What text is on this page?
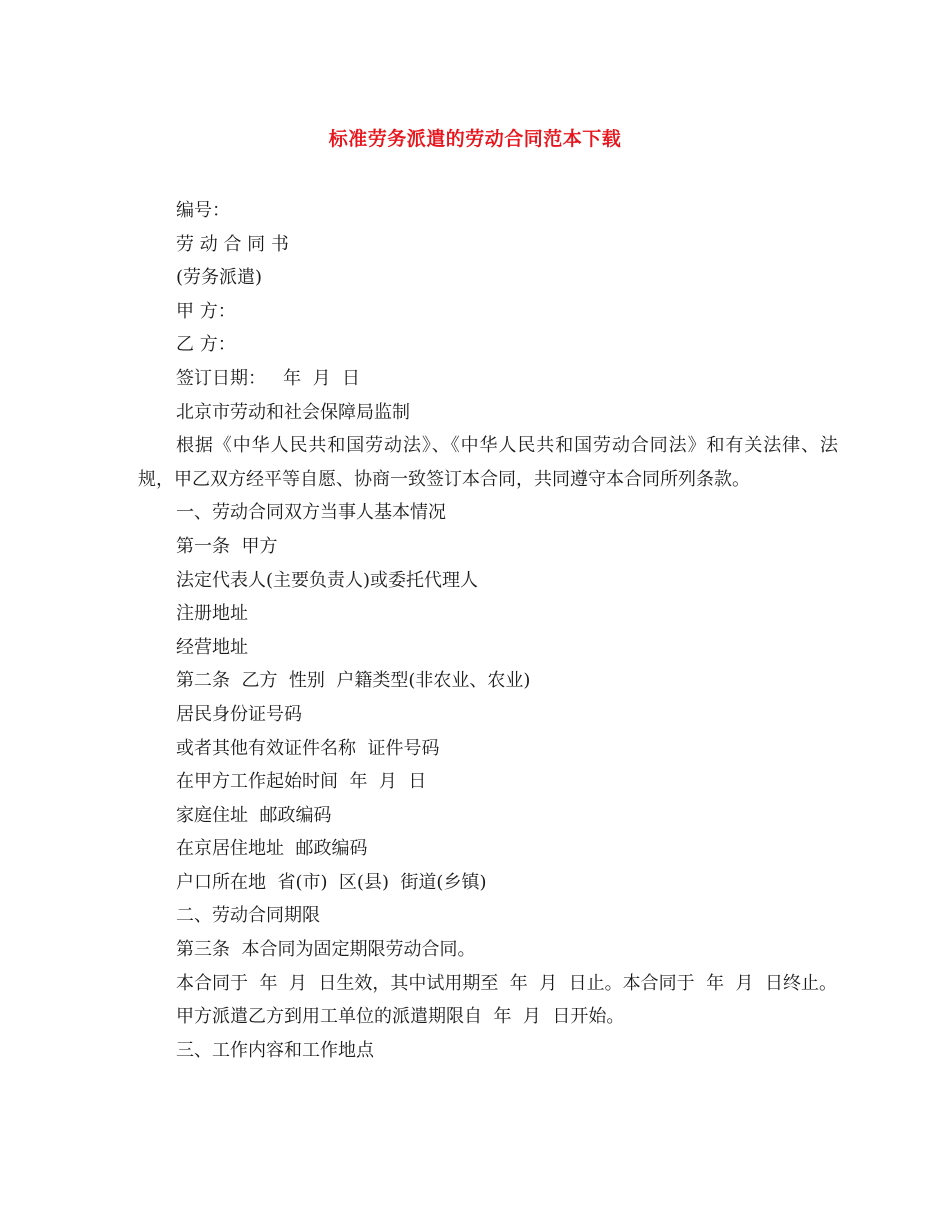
标准劳务派遣的劳动合同范本下载
编号：
劳 动 合 同 书
(劳务派遣)
甲 方：
乙 方：
签订日期：   年  月  日
北京市劳动和社会保障局监制
根据《中华人民共和国劳动法》、《中华人民共和国劳动合同法》和有关法律、法规，甲乙双方经平等自愿、协商一致签订本合同，共同遵守本合同所列条款。
一、劳动合同双方当事人基本情况
第一条  甲方
法定代表人(主要负责人)或委托代理人
注册地址
经营地址
第二条  乙方  性别  户籍类型(非农业、农业)
居民身份证号码
或者其他有效证件名称  证件号码
在甲方工作起始时间  年  月  日
家庭住址  邮政编码
在京居住地址  邮政编码
户口所在地  省(市)  区(县)  街道(乡镇)
二、劳动合同期限
第三条  本合同为固定期限劳动合同。
本合同于  年  月  日生效，其中试用期至  年  月  日止。本合同于  年  月  日终止。
甲方派遣乙方到用工单位的派遣期限自  年  月  日开始。
三、工作内容和工作地点
